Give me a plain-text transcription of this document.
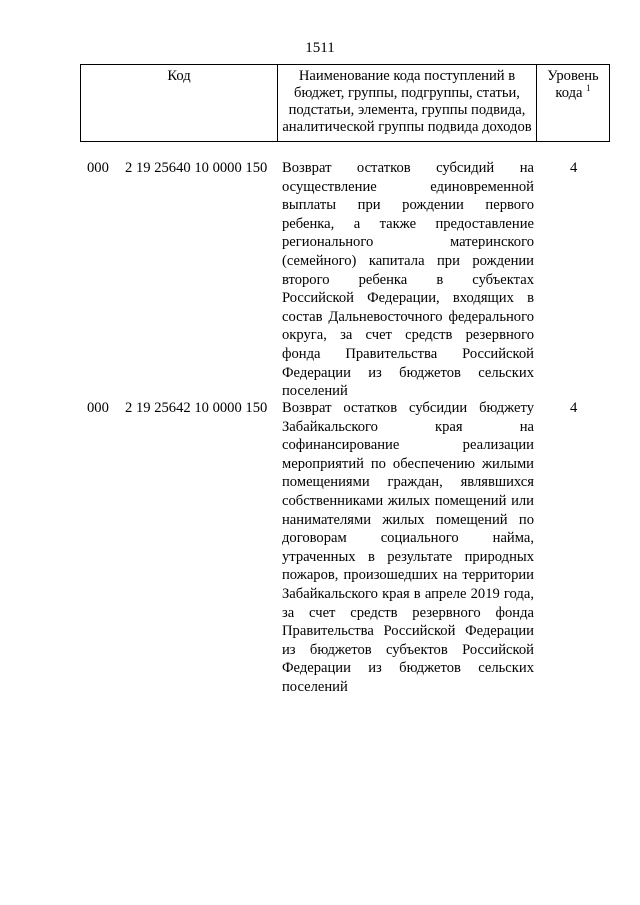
1511
Код	Наименование кода поступлений в
бюджет, группы, подгруппы, статьи,
подстатьи, элемента, группы подвида,
аналитической группы подвида доходов
Уровень
кода $^1$
000 2 19 25640 10 0000 150 Возврат остатков субсидий на
осуществление единовременной
выплаты при рождении первого
ребенка, а также предоставление
регионального материнского
(семейного) капитала при рождении
второго ребенка в субъектах
Российской Федерации, входящих в
состав Дальневосточного федерального
округа, за счет средств резервного
фонда Правительства Российской
Федерации из бюджетов сельских
поселений
4
000 2 19 25642 10 0000 150 Возврат остатков субсидии бюджету
Забайкальского края на
софинансирование реализации
мероприятий по обеспечению жилыми
помещениями граждан, являвшихся
собственниками жилых помещений или
нанимателями жилых помещений по
договорам социального найма,
утраченных в результате природных
пожаров, произошедших на территории
Забайкальского края в апреле 2019 года,
за счет средств резервного фонда
Правительства Российской Федерации
из бюджетов субъектов Российской
Федерации из бюджетов сельских
поселений
4
